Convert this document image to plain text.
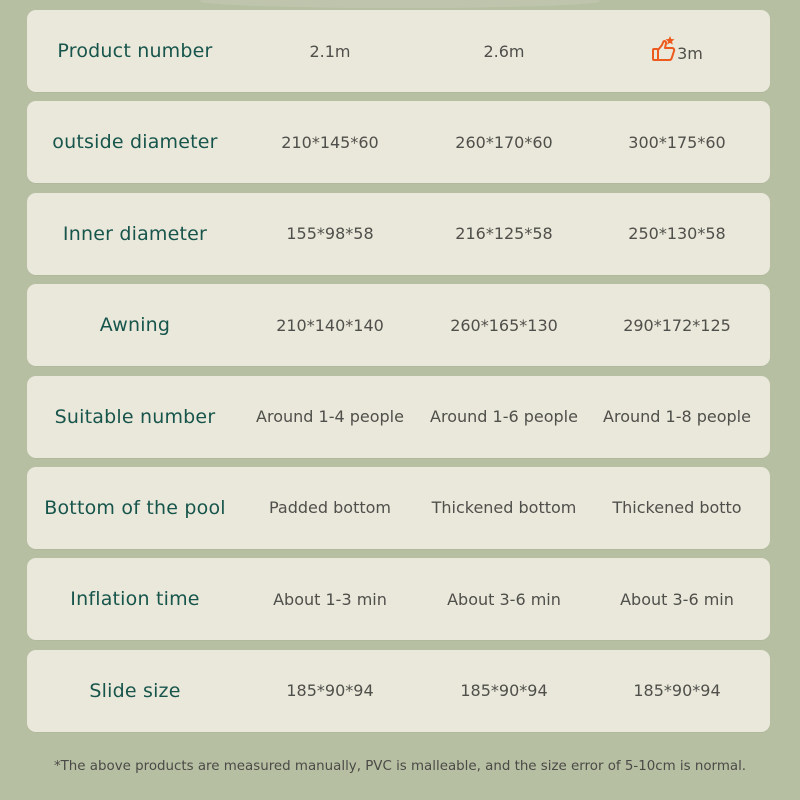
Product number	2.1m	2.6m	3m
outside diameter	210*145*60	260*170*60	300*175*60
Inner diameter	155*98*58	216*125*58	250*130*58
Awning	210*140*140	260*165*130	290*172*125
Suitable number	Around 1-4 people	Around 1-6 people	Around 1-8 people
Bottom of the pool	Padded bottom	Thickened bottom	Thickened botto
Inflation time	About 1-3 min	About 3-6 min	About 3-6 min
Slide size	185*90*94	185*90*94	185*90*94
*The above products are measured manually, PVC is malleable, and the size error of 5-10cm is normal.
